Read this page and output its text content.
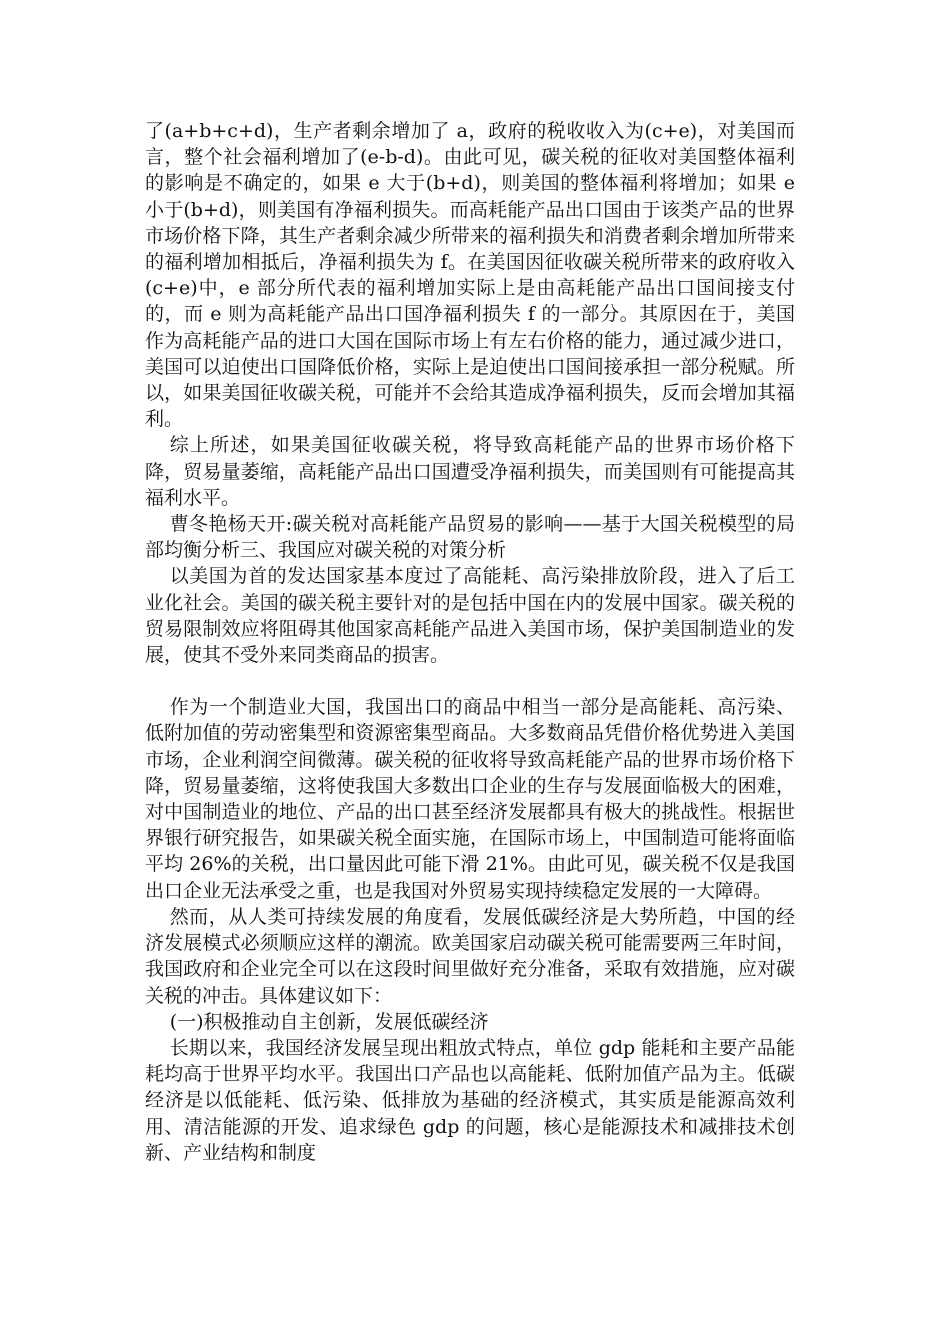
了(a+b+c+d)，生产者剩余增加了 a，政府的税收收入为(c+e)，对美国而言，整个社会福利增加了(e-b-d)。由此可见，碳关税的征收对美国整体福利的影响是不确定的，如果 e 大于(b+d)，则美国的整体福利将增加；如果 e 小于(b+d)，则美国有净福利损失。而高耗能产品出口国由于该类产品的世界市场价格下降，其生产者剩余减少所带来的福利损失和消费者剩余增加所带来的福利增加相抵后，净福利损失为 f。在美国因征收碳关税所带来的政府收入(c+e)中，e 部分所代表的福利增加实际上是由高耗能产品出口国间接支付的，而 e 则为高耗能产品出口国净福利损失 f 的一部分。其原因在于，美国作为高耗能产品的进口大国在国际市场上有左右价格的能力，通过减少进口，美国可以迫使出口国降低价格，实际上是迫使出口国间接承担一部分税赋。所以，如果美国征收碳关税，可能并不会给其造成净福利损失，反而会增加其福利。

综上所述，如果美国征收碳关税，将导致高耗能产品的世界市场价格下降，贸易量萎缩，高耗能产品出口国遭受净福利损失，而美国则有可能提高其福利水平。

曹冬艳杨天开:碳关税对高耗能产品贸易的影响——基于大国关税模型的局部均衡分析三、我国应对碳关税的对策分析

以美国为首的发达国家基本度过了高能耗、高污染排放阶段，进入了后工业化社会。美国的碳关税主要针对的是包括中国在内的发展中国家。碳关税的贸易限制效应将阻碍其他国家高耗能产品进入美国市场，保护美国制造业的发展，使其不受外来同类商品的损害。

作为一个制造业大国，我国出口的商品中相当一部分是高能耗、高污染、低附加值的劳动密集型和资源密集型商品。大多数商品凭借价格优势进入美国市场，企业利润空间微薄。碳关税的征收将导致高耗能产品的世界市场价格下降，贸易量萎缩，这将使我国大多数出口企业的生存与发展面临极大的困难，对中国制造业的地位、产品的出口甚至经济发展都具有极大的挑战性。根据世界银行研究报告，如果碳关税全面实施，在国际市场上，中国制造可能将面临平均 26%的关税，出口量因此可能下滑 21%。由此可见，碳关税不仅是我国出口企业无法承受之重，也是我国对外贸易实现持续稳定发展的一大障碍。

然而，从人类可持续发展的角度看，发展低碳经济是大势所趋，中国的经济发展模式必须顺应这样的潮流。欧美国家启动碳关税可能需要两三年时间，我国政府和企业完全可以在这段时间里做好充分准备，采取有效措施，应对碳关税的冲击。具体建议如下：

(一)积极推动自主创新，发展低碳经济

长期以来，我国经济发展呈现出粗放式特点，单位 gdp 能耗和主要产品能耗均高于世界平均水平。我国出口产品也以高能耗、低附加值产品为主。低碳经济是以低能耗、低污染、低排放为基础的经济模式，其实质是能源高效利用、清洁能源的开发、追求绿色 gdp 的问题，核心是能源技术和减排技术创新、产业结构和制度
